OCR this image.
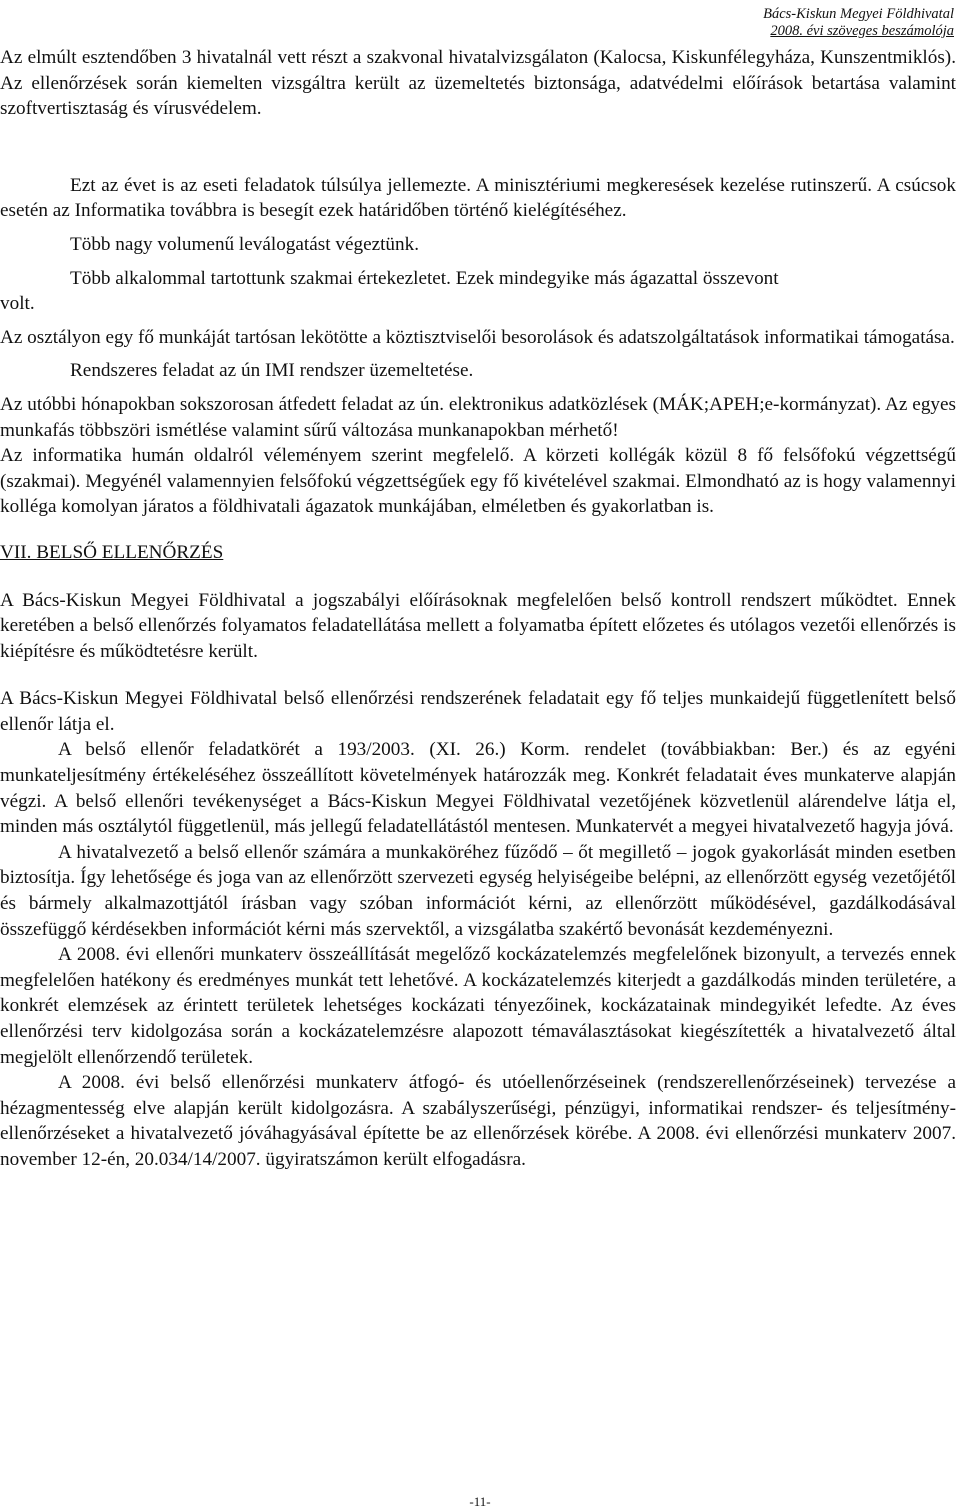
Bács-Kiskun Megyei Földhivatal
2008. évi szöveges beszámolója

Az elmúlt esztendőben 3 hivatalnál vett részt a szakvonal hivatalvizsgálaton (Kalocsa, Kiskunfélegyháza, Kunszentmiklós). Az ellenőrzések során kiemelten vizsgáltra került az üzemeltetés biztonsága, adatvédelmi előírások betartása valamint szoftvertisztaság és vírusvédelem.

Ezt az évet is az eseti feladatok túlsúlya jellemezte. A minisztériumi megkeresések kezelése rutinszerű. A csúcsok esetén az Informatika továbbra is besegít ezek határidőben történő kielégítéséhez.

Több nagy volumenű leválogatást végeztünk.

Több alkalommal tartottunk szakmai értekezletet. Ezek mindegyike más ágazattal összevont

volt.

Az osztályon egy fő munkáját tartósan lekötötte a köztisztviselői besorolások és adatszolgáltatások informatikai támogatása.

Rendszeres feladat az ún IMI rendszer üzemeltetése.

Az utóbbi hónapokban sokszorosan átfedett feladat az ún. elektronikus adatközlések (MÁK;APEH;e-kormányzat). Az egyes munkafás többszöri ismétlése valamint sűrű változása munkanapokban mérhető!

Az informatika humán oldalról véleményem szerint megfelelő. A körzeti kollégák közül 8 fő felsőfokú végzettségű (szakmai). Megyénél valamennyien felsőfokú végzettségűek egy fő kivételével szakmai. Elmondható az is hogy valamennyi kolléga komolyan járatos a földhivatali ágazatok munkájában, elméletben és gyakorlatban is.

VII. BELSŐ ELLENŐRZÉS

A Bács-Kiskun Megyei Földhivatal a jogszabályi előírásoknak megfelelően belső kontroll rendszert működtet. Ennek keretében a belső ellenőrzés folyamatos feladatellátása mellett a folyamatba épített előzetes és utólagos vezetői ellenőrzés is kiépítésre és működtetésre került.

A Bács-Kiskun Megyei Földhivatal belső ellenőrzési rendszerének feladatait egy fő teljes munkaidejű függetlenített belső ellenőr látja el.

A belső ellenőr feladatkörét a 193/2003. (XI. 26.) Korm. rendelet (továbbiakban: Ber.) és az egyéni munkateljesítmény értékeléséhez összeállított követelmények határozzák meg. Konkrét feladatait éves munkaterve alapján végzi. A belső ellenőri tevékenységet a Bács-Kiskun Megyei Földhivatal vezetőjének közvetlenül alárendelve látja el, minden más osztálytól függetlenül, más jellegű feladatellátástól mentesen. Munkatervét a megyei hivatalvezető hagyja jóvá.

A hivatalvezető a belső ellenőr számára a munkaköréhez fűződő – őt megillető – jogok gyakorlását minden esetben biztosítja. Így lehetősége és joga van az ellenőrzött szervezeti egység helyiségeibe belépni, az ellenőrzött egység vezetőjétől és bármely alkalmazottjától írásban vagy szóban információt kérni, az ellenőrzött működésével, gazdálkodásával összefüggő kérdésekben információt kérni más szervektől, a vizsgálatba szakértő bevonását kezdeményezni.

A 2008. évi ellenőri munkaterv összeállítását megelőző kockázatelemzés megfelelőnek bizonyult, a tervezés ennek megfelelően hatékony és eredményes munkát tett lehetővé. A kockázatelemzés kiterjedt a gazdálkodás minden területére, a konkrét elemzések az érintett területek lehetséges kockázati tényezőinek, kockázatainak mindegyikét lefedte. Az éves ellenőrzési terv kidolgozása során a kockázatelemzésre alapozott témaválasztásokat kiegészítették a hivatalvezető által megjelölt ellenőrzendő területek.

A 2008. évi belső ellenőrzési munkaterv átfogó- és utóellenőrzéseinek (rendszerellenőrzéseinek) tervezése a hézagmentesség elve alapján került kidolgozásra. A szabályszerűségi, pénzügyi, informatikai rendszer- és teljesítmény-ellenőrzéseket a hivatalvezető jóváhagyásával építette be az ellenőrzések körébe. A 2008. évi ellenőrzési munkaterv 2007. november 12-én, 20.034/14/2007. ügyiratszámon került elfogadásra.

-11-
